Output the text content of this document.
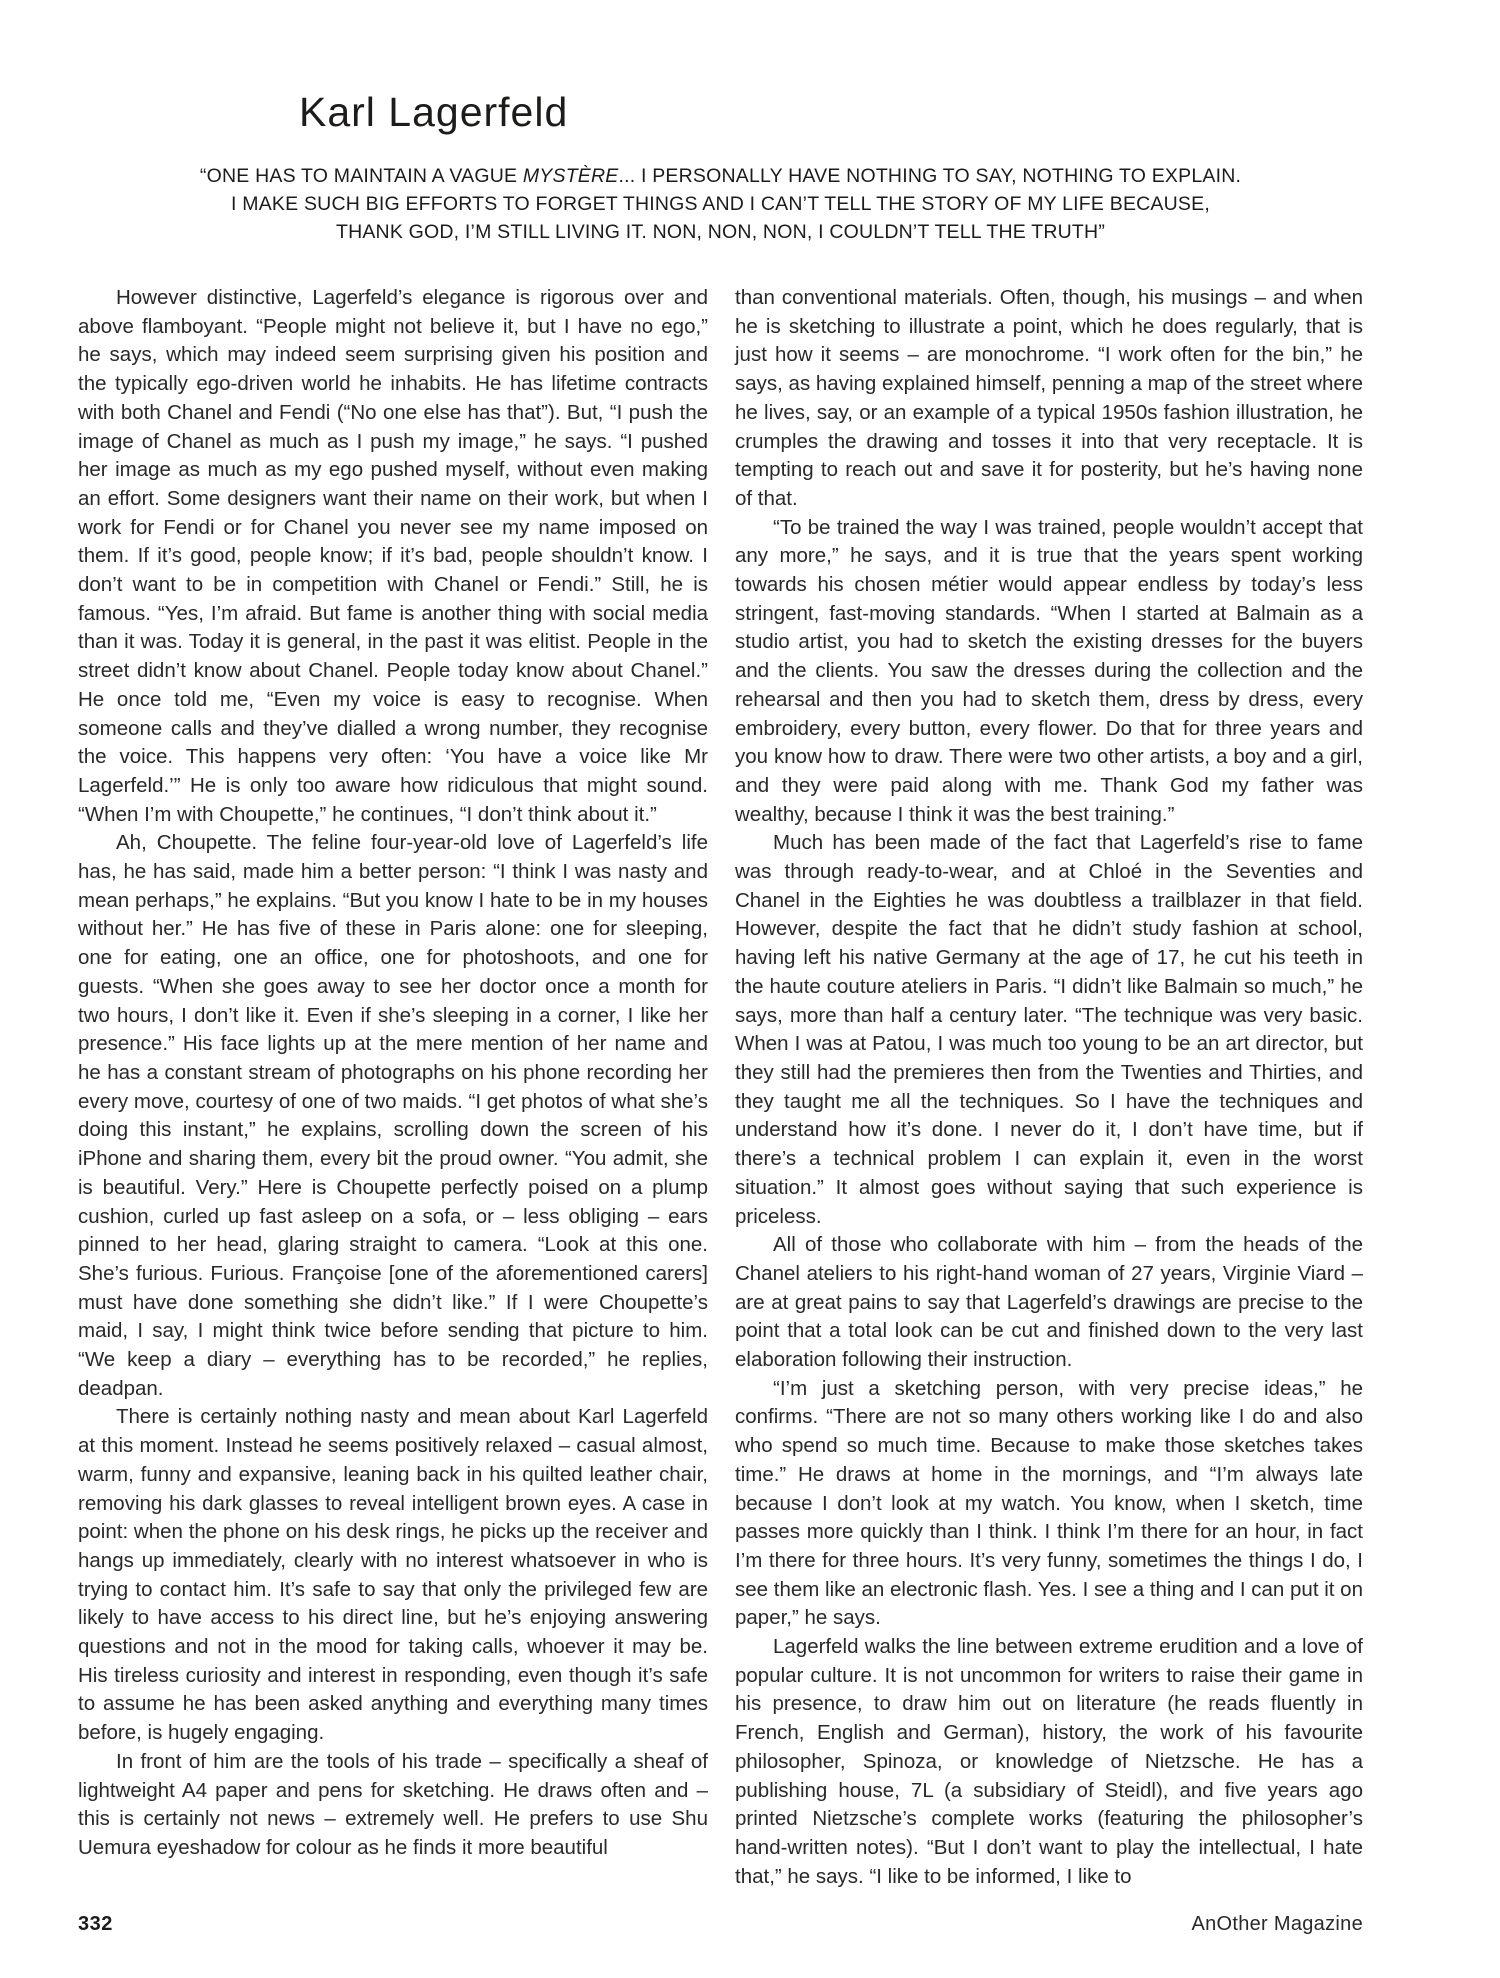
Karl Lagerfeld
“ONE HAS TO MAINTAIN A VAGUE MYSTÈRE... I PERSONALLY HAVE NOTHING TO SAY, NOTHING TO EXPLAIN.
I MAKE SUCH BIG EFFORTS TO FORGET THINGS AND I CAN’T TELL THE STORY OF MY LIFE BECAUSE,
THANK GOD, I’M STILL LIVING IT. NON, NON, NON, I COULDN’T TELL THE TRUTH”

However distinctive, Lagerfeld’s elegance is rigorous over and above flamboyant. “People might not believe it, but I have no ego,” he says, which may indeed seem surprising given his position and the typically ego-driven world he inhabits. He has lifetime contracts with both Chanel and Fendi (“No one else has that”). But, “I push the image of Chanel as much as I push my image,” he says. “I pushed her image as much as my ego pushed myself, without even making an effort. Some designers want their name on their work, but when I work for Fendi or for Chanel you never see my name imposed on them. If it’s good, people know; if it’s bad, people shouldn’t know. I don’t want to be in competition with Chanel or Fendi.” Still, he is famous. “Yes, I’m afraid. But fame is another thing with social media than it was. Today it is general, in the past it was elitist. People in the street didn’t know about Chanel. People today know about Chanel.” He once told me, “Even my voice is easy to recognise. When someone calls and they’ve dialled a wrong number, they recognise the voice. This happens very often: ‘You have a voice like Mr Lagerfeld.’” He is only too aware how ridiculous that might sound. “When I’m with Choupette,” he continues, “I don’t think about it.”

Ah, Choupette. The feline four-year-old love of Lagerfeld’s life has, he has said, made him a better person: “I think I was nasty and mean perhaps,” he explains. “But you know I hate to be in my houses without her.” He has five of these in Paris alone: one for sleeping, one for eating, one an office, one for photoshoots, and one for guests. “When she goes away to see her doctor once a month for two hours, I don’t like it. Even if she’s sleeping in a corner, I like her presence.” His face lights up at the mere mention of her name and he has a constant stream of photographs on his phone recording her every move, courtesy of one of two maids. “I get photos of what she’s doing this instant,” he explains, scrolling down the screen of his iPhone and sharing them, every bit the proud owner. “You admit, she is beautiful. Very.” Here is Choupette perfectly poised on a plump cushion, curled up fast asleep on a sofa, or – less obliging – ears pinned to her head, glaring straight to camera. “Look at this one. She’s furious. Furious. Françoise [one of the aforementioned carers] must have done something she didn’t like.” If I were Choupette’s maid, I say, I might think twice before sending that picture to him. “We keep a diary – everything has to be recorded,” he replies, deadpan.

There is certainly nothing nasty and mean about Karl Lagerfeld at this moment. Instead he seems positively relaxed – casual almost, warm, funny and expansive, leaning back in his quilted leather chair, removing his dark glasses to reveal intelligent brown eyes. A case in point: when the phone on his desk rings, he picks up the receiver and hangs up immediately, clearly with no interest whatsoever in who is trying to contact him. It’s safe to say that only the privileged few are likely to have access to his direct line, but he’s enjoying answering questions and not in the mood for taking calls, whoever it may be. His tireless curiosity and interest in responding, even though it’s safe to assume he has been asked anything and everything many times before, is hugely engaging.

In front of him are the tools of his trade – specifically a sheaf of lightweight A4 paper and pens for sketching. He draws often and – this is certainly not news – extremely well. He prefers to use Shu Uemura eyeshadow for colour as he finds it more beautiful

than conventional materials. Often, though, his musings – and when he is sketching to illustrate a point, which he does regularly, that is just how it seems – are monochrome. “I work often for the bin,” he says, as having explained himself, penning a map of the street where he lives, say, or an example of a typical 1950s fashion illustration, he crumples the drawing and tosses it into that very receptacle. It is tempting to reach out and save it for posterity, but he’s having none of that.

“To be trained the way I was trained, people wouldn’t accept that any more,” he says, and it is true that the years spent working towards his chosen métier would appear endless by today’s less stringent, fast-moving standards. “When I started at Balmain as a studio artist, you had to sketch the existing dresses for the buyers and the clients. You saw the dresses during the collection and the rehearsal and then you had to sketch them, dress by dress, every embroidery, every button, every flower. Do that for three years and you know how to draw. There were two other artists, a boy and a girl, and they were paid along with me. Thank God my father was wealthy, because I think it was the best training.”

Much has been made of the fact that Lagerfeld’s rise to fame was through ready-to-wear, and at Chloé in the Seventies and Chanel in the Eighties he was doubtless a trailblazer in that field. However, despite the fact that he didn’t study fashion at school, having left his native Germany at the age of 17, he cut his teeth in the haute couture ateliers in Paris. “I didn’t like Balmain so much,” he says, more than half a century later. “The technique was very basic. When I was at Patou, I was much too young to be an art director, but they still had the premieres then from the Twenties and Thirties, and they taught me all the techniques. So I have the techniques and understand how it’s done. I never do it, I don’t have time, but if there’s a technical problem I can explain it, even in the worst situation.” It almost goes without saying that such experience is priceless.

All of those who collaborate with him – from the heads of the Chanel ateliers to his right-hand woman of 27 years, Virginie Viard – are at great pains to say that Lagerfeld’s drawings are precise to the point that a total look can be cut and finished down to the very last elaboration following their instruction.

“I’m just a sketching person, with very precise ideas,” he confirms. “There are not so many others working like I do and also who spend so much time. Because to make those sketches takes time.” He draws at home in the mornings, and “I’m always late because I don’t look at my watch. You know, when I sketch, time passes more quickly than I think. I think I’m there for an hour, in fact I’m there for three hours. It’s very funny, sometimes the things I do, I see them like an electronic flash. Yes. I see a thing and I can put it on paper,” he says.

Lagerfeld walks the line between extreme erudition and a love of popular culture. It is not uncommon for writers to raise their game in his presence, to draw him out on literature (he reads fluently in French, English and German), history, the work of his favourite philosopher, Spinoza, or knowledge of Nietzsche. He has a publishing house, 7L (a subsidiary of Steidl), and five years ago printed Nietzsche’s complete works (featuring the philosopher’s hand-written notes). “But I don’t want to play the intellectual, I hate that,” he says. “I like to be informed, I like to

332	AnOther Magazine
